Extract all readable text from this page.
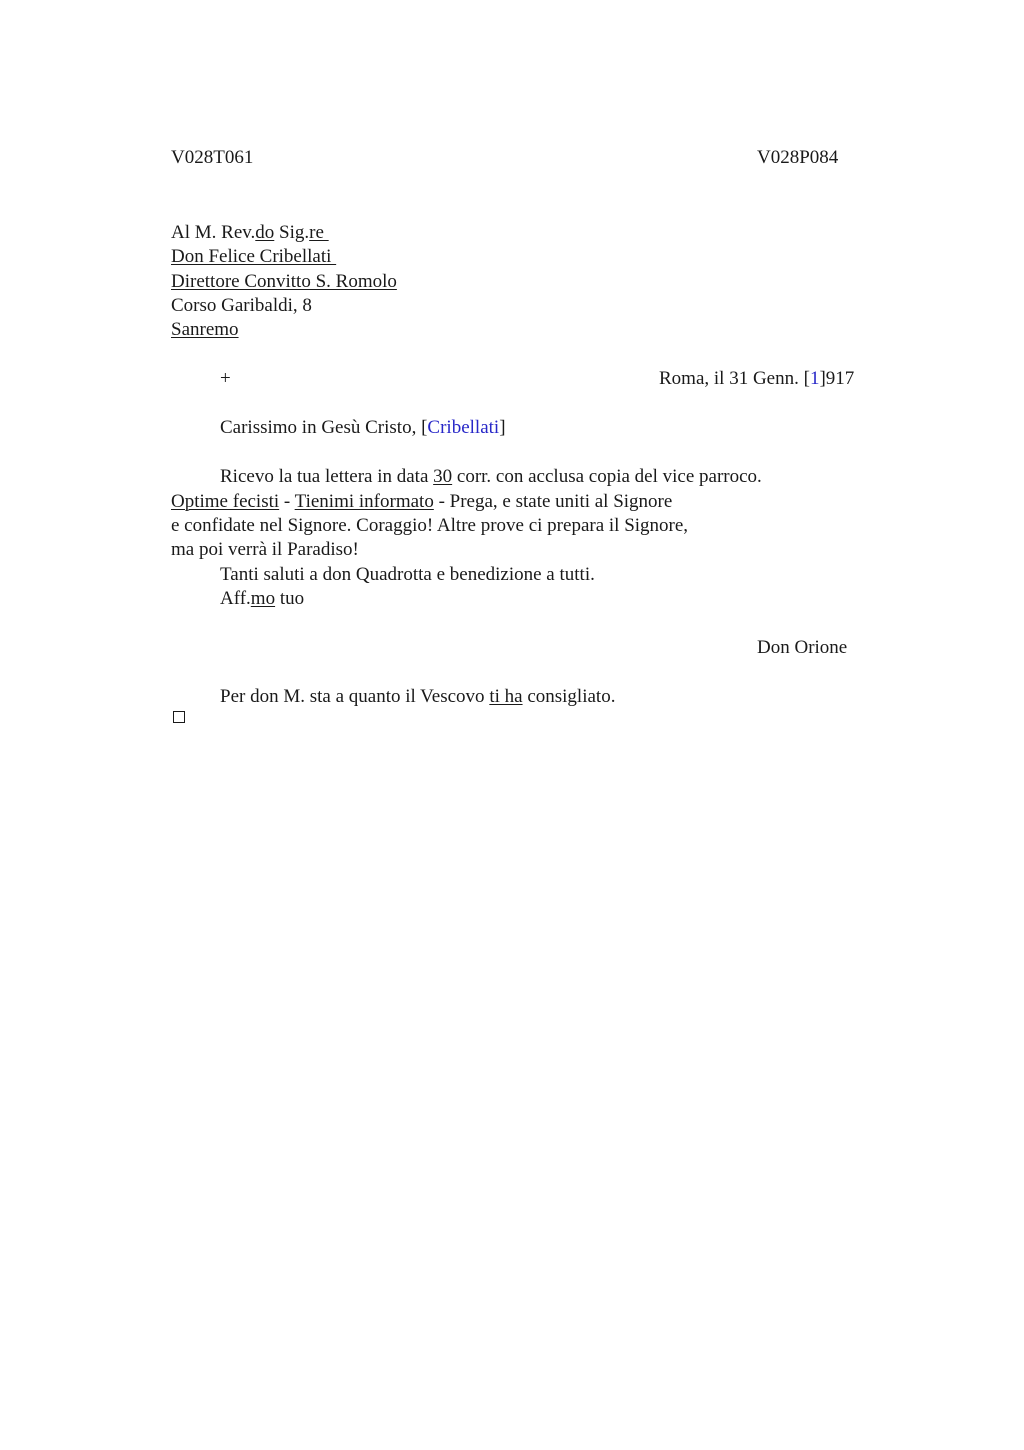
V028T061	V028P084
Al M. Rev.do Sig.re
Don Felice Cribellati
Direttore Convitto S. Romolo
Corso Garibaldi, 8
Sanremo
+	Roma, il 31 Genn. [1]917
Carissimo in Gesù Cristo, [Cribellati]
Ricevo la tua lettera in data 30 corr. con acclusa copia del vice parroco.
Optime fecisti - Tienimi informato - Prega, e state uniti al Signore
e confidate nel Signore. Coraggio! Altre prove ci prepara il Signore,
ma poi verrà il Paradiso!
Tanti saluti a don Quadrotta e benedizione a tutti.
Aff.mo tuo
Don Orione
Per don M. sta a quanto il Vescovo ti ha consigliato.
